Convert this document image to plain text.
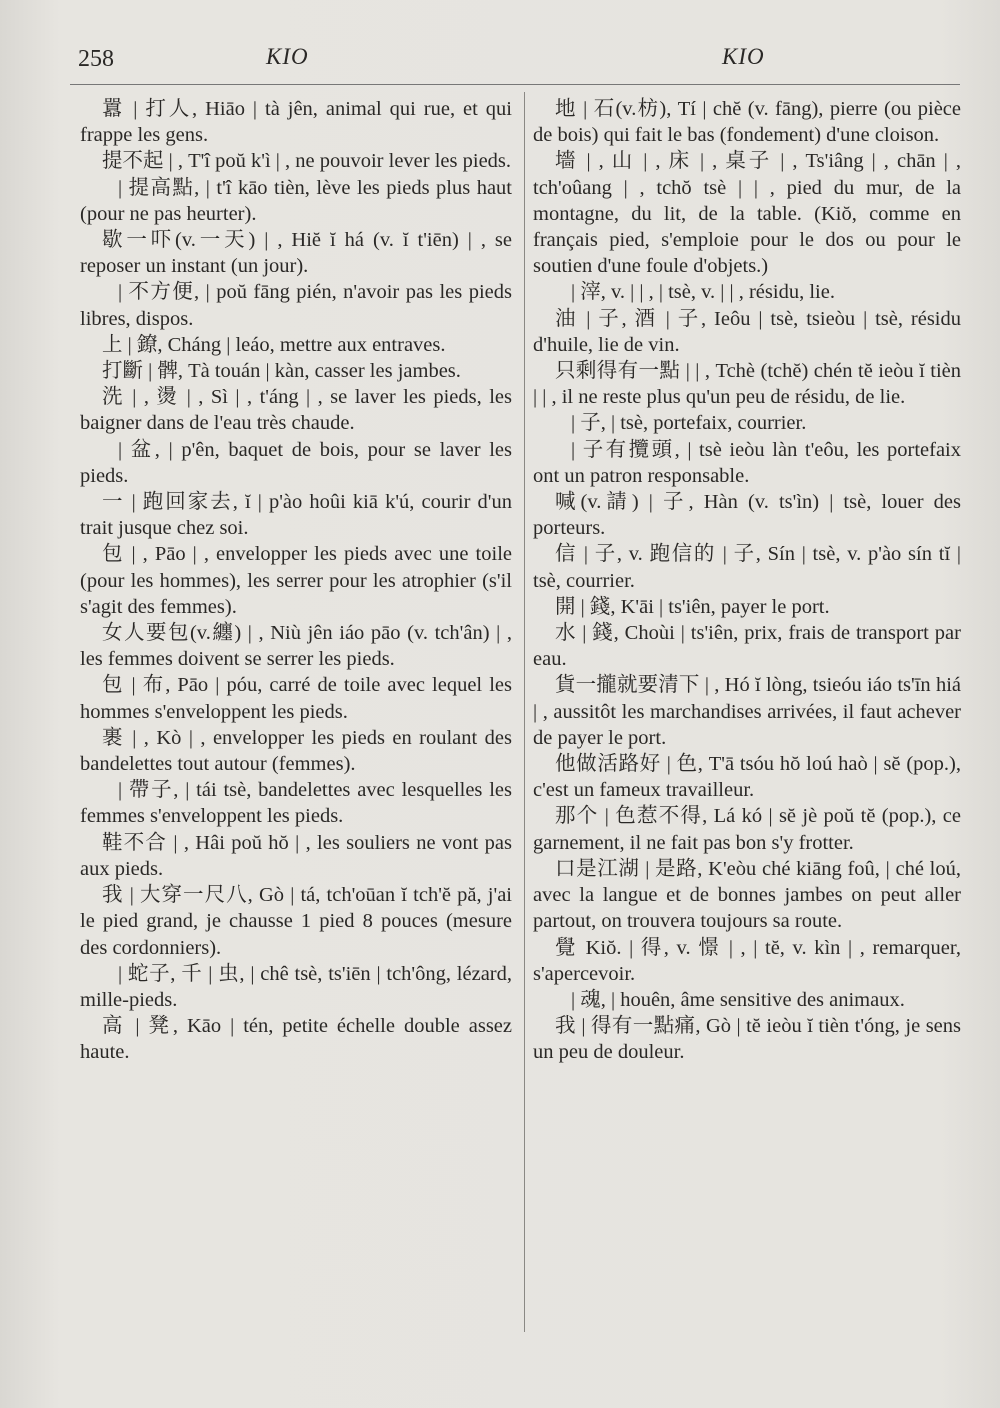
258	KIO	KIO

囂 | 打人, Hiāo | tà jên, animal qui rue, et qui frappe les gens.

提不起 | , T'î poŭ k'ì | , ne pouvoir lever les pieds.

| 提高點, | t'î kāo tièn, lève les pieds plus haut (pour ne pas heurter).

歇一吓(v.一天) | , Hiĕ ĭ há (v. ĭ t'iēn) | , se reposer un instant (un jour).

| 不方便, | poŭ fāng pién, n'avoir pas les pieds libres, dispos.

上 | 鐐, Cháng | leáo, mettre aux entraves.

打斷 | 髀, Tà touán | kàn, casser les jambes.

洗 | , 燙 | , Sì | , t'áng | , se laver les pieds, les baigner dans de l'eau très chaude.

| 盆, | p'ên, baquet de bois, pour se laver les pieds.

一 | 跑回家去, ĭ | p'ào hoûi kiā k'ú, courir d'un trait jusque chez soi.

包 | , Pāo | , envelopper les pieds avec une toile (pour les hommes), les serrer pour les atrophier (s'il s'agit des femmes).

女人要包(v.纏) | , Niù jên iáo pāo (v. tch'ân) | , les femmes doivent se serrer les pieds.

包 | 布, Pāo | póu, carré de toile avec lequel les hommes s'enveloppent les pieds.

裹 | , Kò | , envelopper les pieds en roulant des bandelettes tout autour (femmes).

| 帶子, | tái tsè, bandelettes avec lesquelles les femmes s'enveloppent les pieds.

鞋不合 | , Hâi poŭ hŏ | , les souliers ne vont pas aux pieds.

我 | 大穿一尺八, Gò | tá, tch'oūan ĭ tch'ĕ pă, j'ai le pied grand, je chausse 1 pied 8 pouces (mesure des cordonniers).

| 蛇子, 千 | 虫, | chê tsè, ts'iēn | tch'ông, lézard, mille-pieds.

高 | 凳, Kāo | tén, petite échelle double assez haute.

地 | 石(v.枋), Tí | chĕ (v. fāng), pierre (ou pièce de bois) qui fait le bas (fondement) d'une cloison.

墻 | , 山 | , 床 | , 桌子 | , Ts'iâng | , chān | , tch'oûang | , tchŏ tsè | | , pied du mur, de la montagne, du lit, de la table. (Kiŏ, comme en français pied, s'emploie pour le dos ou pour le soutien d'une foule d'objets.)

| 滓, v. | | , | tsè, v. | | , résidu, lie.

油 | 子, 酒 | 子, Ieôu | tsè, tsieòu | tsè, résidu d'huile, lie de vin.

只剩得有一點 | | , Tchè (tchĕ) chén tĕ ieòu ĭ tièn | | , il ne reste plus qu'un peu de résidu, de lie.

| 子, | tsè, portefaix, courrier.

| 子有攬頭, | tsè ieòu làn t'eôu, les portefaix ont un patron responsable.

喊(v.請) | 子, Hàn (v. ts'ìn) | tsè, louer des porteurs.

信 | 子, v. 跑信的 | 子, Sín | tsè, v. p'ào sín tĭ | tsè, courrier.

開 | 錢, K'āi | ts'iên, payer le port.

水 | 錢, Choùi | ts'iên, prix, frais de transport par eau.

貨一攏就要清下 | , Hó ĭ lòng, tsieóu iáo ts'īn hiá | , aussitôt les marchandises arrivées, il faut achever de payer le port.

他做活路好 | 色, T'ā tsóu hŏ loú haò | sĕ (pop.), c'est un fameux travailleur.

那个 | 色惹不得, Lá kó | sĕ jè poŭ tĕ (pop.), ce garnement, il ne fait pas bon s'y frotter.

口是江湖 | 是路, K'eòu ché kiāng foû, | ché loú, avec la langue et de bonnes jambes on peut aller partout, on trouvera toujours sa route.

覺 Kiŏ. | 得, v. 憬 | , | tĕ, v. kìn | , remarquer, s'apercevoir.

| 魂, | houên, âme sensitive des animaux.

我 | 得有一點痛, Gò | tĕ ieòu ĭ tièn t'óng, je sens un peu de douleur.
